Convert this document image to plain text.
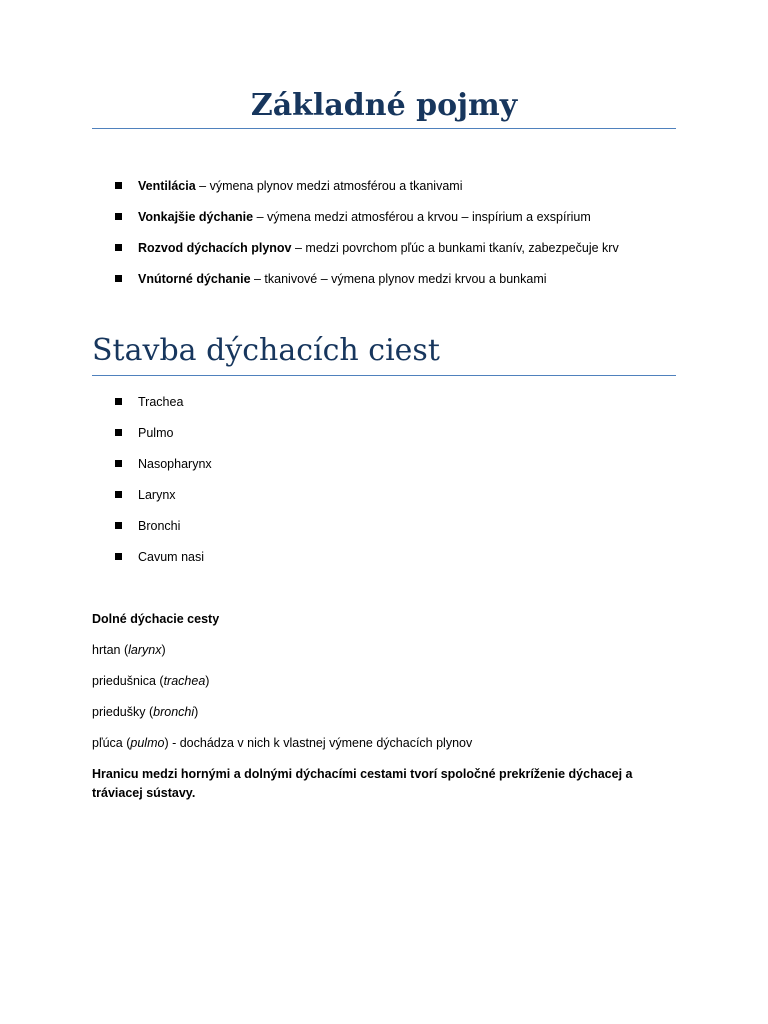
Základné pojmy
Ventilácia – výmena plynov medzi atmosférou a tkanivami
Vonkajšie dýchanie – výmena medzi atmosférou a krvou – inspírium a exspírium
Rozvod dýchacích plynov – medzi povrchom pľúc a bunkami tkanív, zabezpečuje krv
Vnútorné dýchanie – tkanivové – výmena plynov medzi krvou a bunkami
Stavba dýchacích ciest
Trachea
Pulmo
Nasopharynx
Larynx
Bronchi
Cavum nasi

Dolné dýchacie cesty

hrtan (larynx)

priedušnica (trachea)

priedušky (bronchi)

pľúca (pulmo) - dochádza v nich k vlastnej výmene dýchacích plynov

Hranicu medzi hornými a dolnými dýchacími cestami tvorí spoločné prekríženie dýchacej a tráviacej sústavy.
